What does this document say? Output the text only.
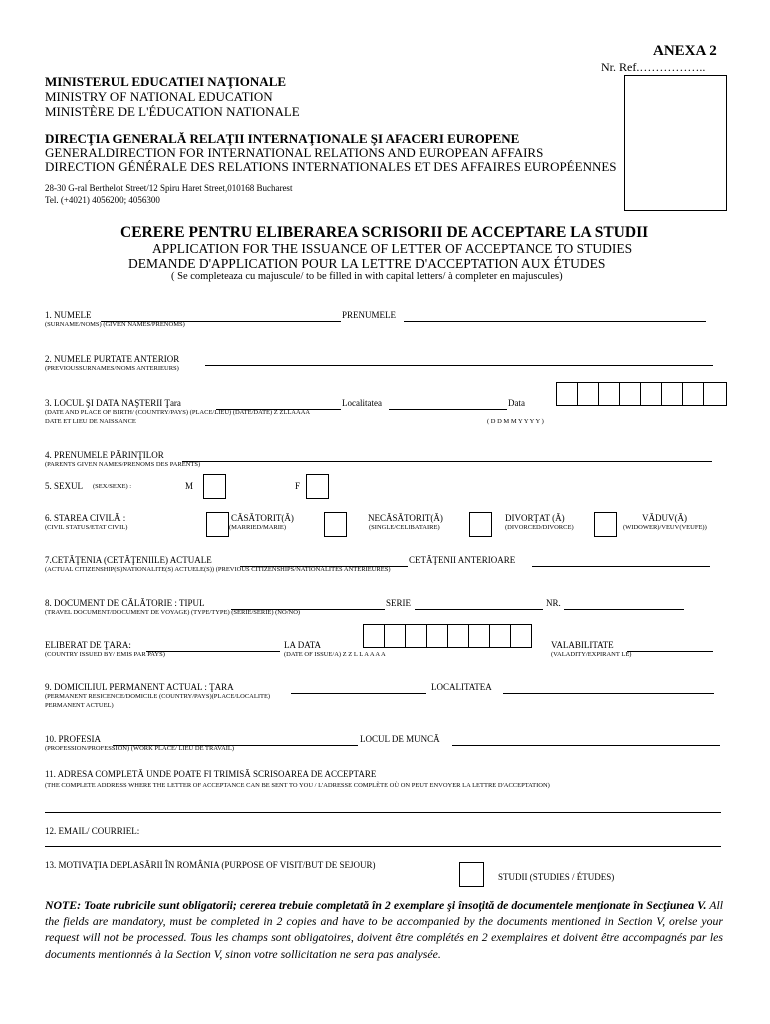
ANEXA 2
Nr. Ref.……………..
MINISTERUL EDUCATIEI NAŢIONALE
MINISTRY OF NATIONAL EDUCATION
MINISTÈRE DE L'ÉDUCATION NATIONALE
DIRECŢIA GENERALĂ RELAŢII INTERNAŢIONALE ŞI AFACERI EUROPENE
GENERALDIRECTION FOR INTERNATIONAL RELATIONS AND EUROPEAN AFFAIRS
DIRECTION GÉNÉRALE DES RELATIONS INTERNATIONALES ET DES AFFAIRES EUROPÉENNES
28-30 G-ral Berthelot Street/12 Spiru Haret Street,010168 Bucharest
Tel. (+4021) 4056200; 4056300
CERERE PENTRU ELIBERAREA SCRISORII DE ACCEPTARE LA STUDII
APPLICATION FOR THE ISSUANCE OF LETTER OF ACCEPTANCE TO STUDIES
DEMANDE D'APPLICATION POUR LA LETTRE D'ACCEPTATION AUX ÉTUDES
( Se completeaza cu majuscule/ to be filled in with capital letters/ à completer en majuscules)
1. NUMELE	PRENUMELE
(SURNAME/NOMS) (GIVEN NAMES/PRENOMS)
2. NUMELE PURTATE ANTERIOR
(PREVIOUSSURNAMES/NOMS ANTERIEURS)
3. LOCUL ŞI DATA NAŞTERII Ţara	Localitatea	Data
(DATE AND PLACE OF BIRTH/ (COUNTRY/PAYS) (PLACE/LIEU) (DATE/DATE) Z ZLLAAAA
DATE ET LIEU DE NAISSANCE	( D D M M Y Y Y Y )
4. PRENUMELE PĂRINŢILOR
(PARENTS GIVEN NAMES/PRENOMS DES PARENTS)
5. SEXUL (SEX/SEXE) :	M	F
6. STAREA CIVILĂ :
(CIVIL STATUS/ETAT CIVIL)
CĂSĂTORIT(Ă)
(MARRIED/MARIE)
NECĂSĂTORIT(Ă)
(SINGLE/CELIBATAIRE)
DIVORŢAT (Ă)
(DIVORCED/DIVORCE)
VĂDUV(Ă)
(WIDOWER)/VEUV(VEUFE))
7.CETĂŢENIA (CETĂŢENIILE) ACTUALE	CETĂŢENII ANTERIOARE
(ACTUAL CITIZENSHIP(S)NATIONALITE(S) ACTUELE(S)) (PREVIOUS CITIZENSHIPS/NATIONALITES ANTERIEURES)
8. DOCUMENT DE CĂLĂTORIE : TIPUL	SERIE	NR.
(TRAVEL DOCUMENT/DOCUMENT DE VOYAGE) (TYPE/TYPE) (SERIE/SERIE) (NO/NO)
ELIBERAT DE ŢARA:	LA DATA	VALABILITATE
(COUNTRY ISSUED BY/ EMIS PAR PAYS)	(DATE OF ISSUE/A) Z Z L L A A A A	(VALADITY/EXPIRANT LE)
9. DOMICILIUL PERMANENT ACTUAL : ŢARA	LOCALITATEA
(PERMANENT RESICENCE/DOMICILE (COUNTRY/PAYS)(PLACE/LOCALITE)
PERMANENT ACTUEL)
10. PROFESIA	LOCUL DE MUNCĂ
(PROFESSION/PROFESSION) (WORK PLACE/ LIEU DE TRAVAIL)
11. ADRESA COMPLETĂ UNDE POATE FI TRIMISĂ SCRISOAREA DE ACCEPTARE
(THE COMPLETE ADDRESS WHERE THE LETTER OF ACCEPTANCE CAN BE SENT TO YOU / L'ADRESSE COMPLÈTE OÙ ON PEUT ENVOYER LA LETTRE D'ACCEPTATION)
12. EMAIL/ COURRIEL:
13. MOTIVAŢIA DEPLASĂRII ÎN ROMÂNIA (PURPOSE OF VISIT/BUT DE SEJOUR)
STUDII (STUDIES / ÉTUDES)
NOTE: Toate rubricile sunt obligatorii; cererea trebuie completată în 2 exemplare şi însoţită de documentele menţionate în Secţiunea V. All the fields are mandatory, must be completed in 2 copies and have to be accompanied by the documents mentioned in Section V, orelse your request will not be processed. Tous les champs sont obligatoires, doivent être complétés en 2 exemplaires et doivent être accompagnés par les documents mentionnés à la Section V, sinon votre sollicitation ne sera pas analysée.
